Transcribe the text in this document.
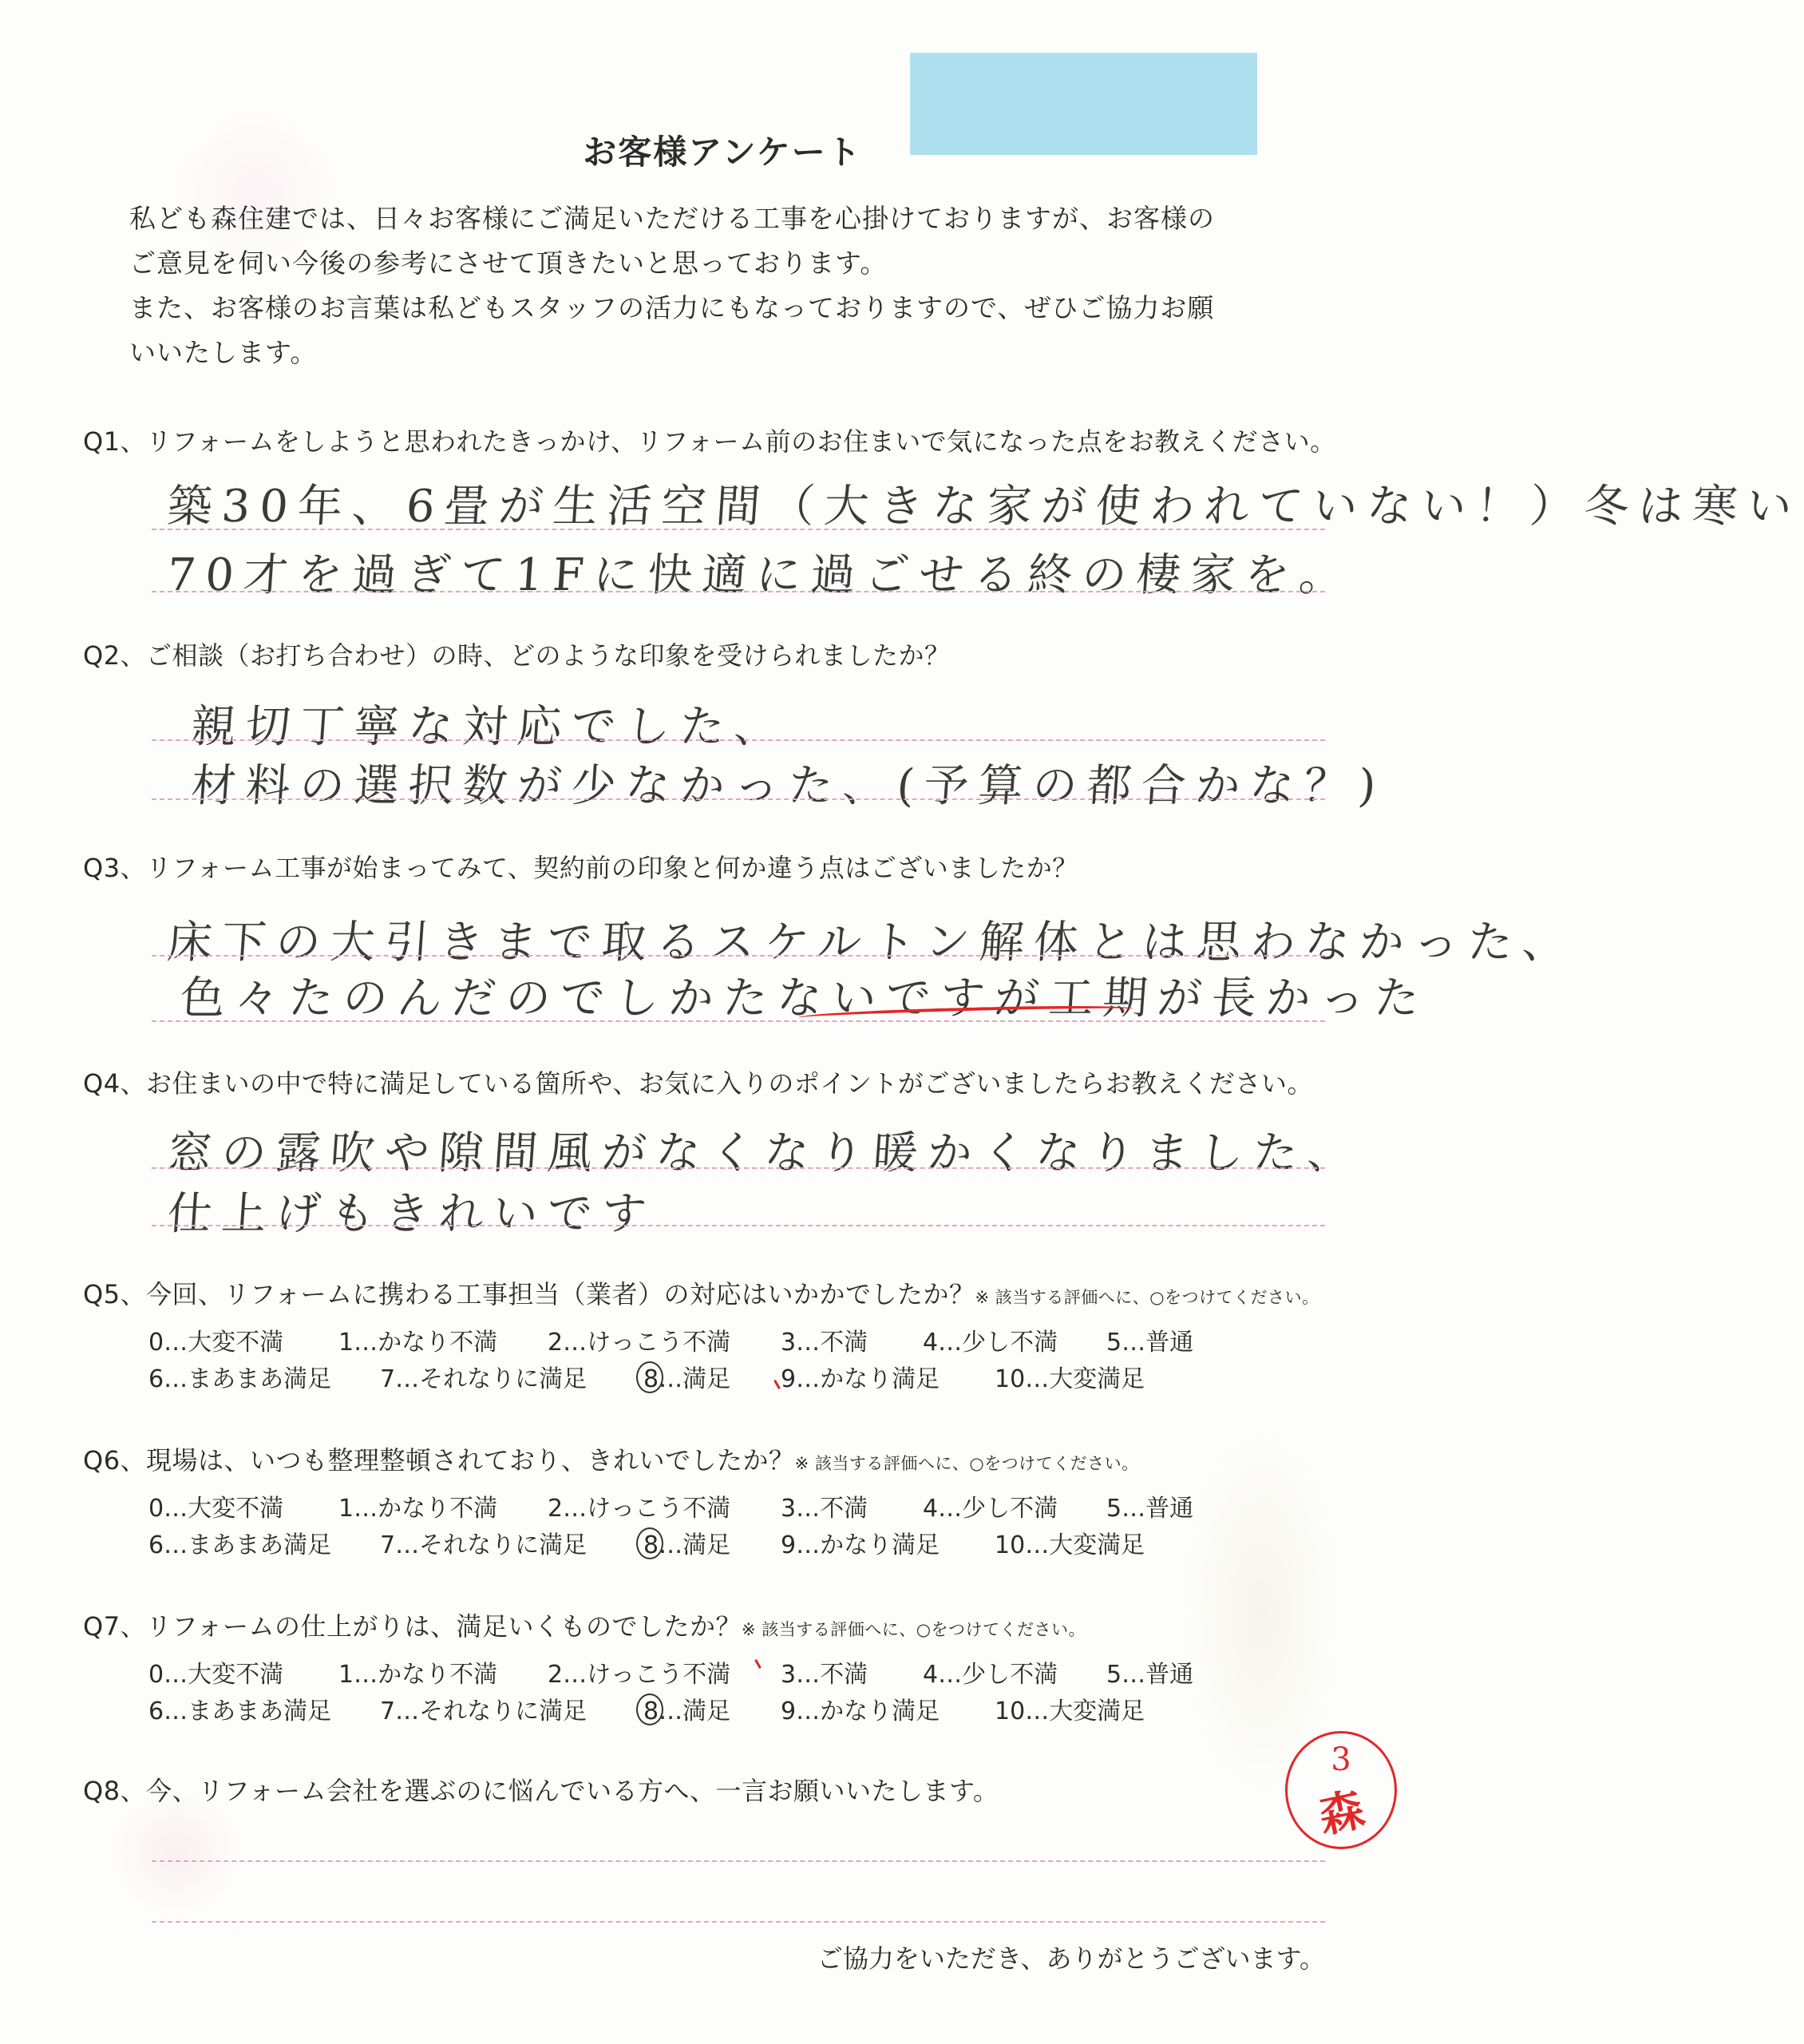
お客様アンケート
私ども森住建では、日々お客様にご満足いただける工事を心掛けておりますが、お客様の
ご意見を伺い今後の参考にさせて頂きたいと思っております。
また、お客様のお言葉は私どもスタッフの活力にもなっておりますので、ぜひご協力お願
いいたします。
Q1、リフォームをしようと思われたきっかけ、リフォーム前のお住まいで気になった点をお教えください。
築30年、6畳が生活空間（大きな家が使われていない！）冬は寒い
70才を過ぎて1Fに快適に過ごせる終の棲家を。
Q2、ご相談（お打ち合わせ）の時、どのような印象を受けられましたか？
親切丁寧な対応でした、
材料の選択数が少なかった、(予算の都合かな？)
Q3、リフォーム工事が始まってみて、契約前の印象と何か違う点はございましたか？
床下の大引きまで取るスケルトン解体とは思わなかった、
色々たのんだのでしかたないですが工期が長かった
Q4、お住まいの中で特に満足している箇所や、お気に入りのポイントがございましたらお教えください。
窓の露吹や隙間風がなくなり暖かくなりました、
仕上げもきれいです
Q5、今回、リフォームに携わる工事担当（業者）の対応はいかかでしたか？※ 該当する評価へに、○をつけてください。
0…大変不満 1…かなり不満 2…けっこう不満 3…不満 4…少し不満 5…普通
6…まあまあ満足 7…それなりに満足 8…満足 9…かなり満足 10…大変満足
Q6、現場は、いつも整理整頓されており、きれいでしたか？※ 該当する評価へに、○をつけてください。
0…大変不満 1…かなり不満 2…けっこう不満 3…不満 4…少し不満 5…普通
6…まあまあ満足 7…それなりに満足 8…満足 9…かなり満足 10…大変満足
Q7、リフォームの仕上がりは、満足いくものでしたか？※ 該当する評価へに、○をつけてください。
0…大変不満 1…かなり不満 2…けっこう不満 3…不満 4…少し不満 5…普通
6…まあまあ満足 7…それなりに満足 8…満足 9…かなり満足 10…大変満足
Q8、今、リフォーム会社を選ぶのに悩んでいる方へ、一言お願いいたします。
3
森
ご協力をいただき、ありがとうございます。
